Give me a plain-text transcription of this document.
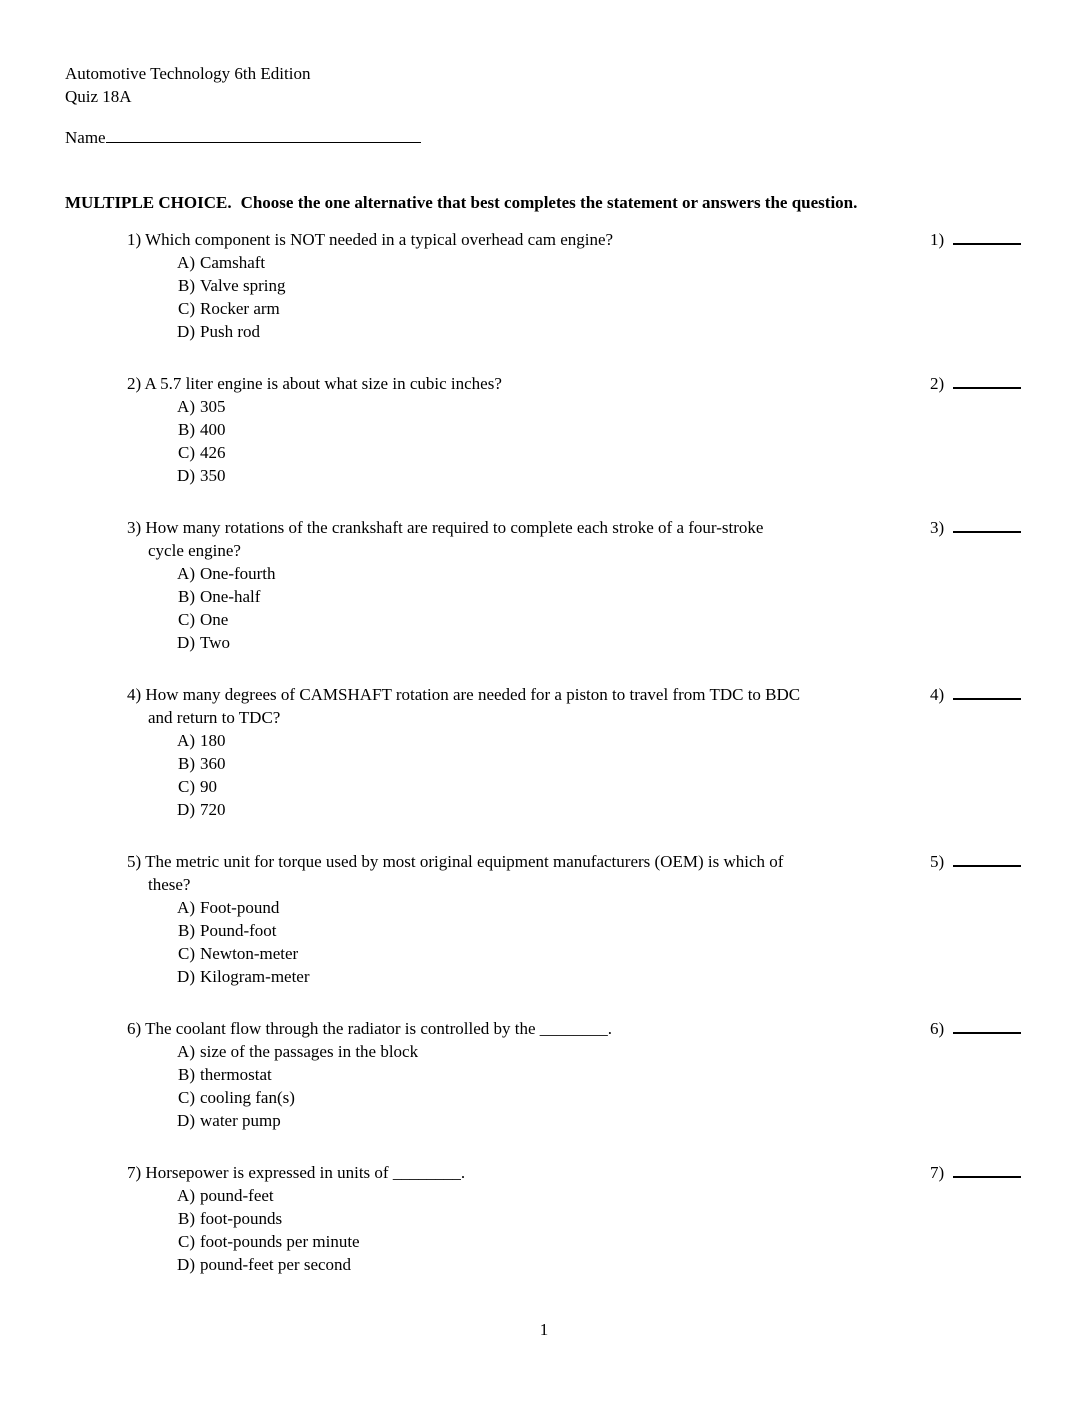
Automotive Technology 6th Edition
Quiz 18A
Name
MULTIPLE CHOICE. Choose the one alternative that best completes the statement or answers the question.
1) Which component is NOT needed in a typical overhead cam engine?
A) Camshaft
B) Valve spring
C) Rocker arm
D) Push rod
1)
2) A 5.7 liter engine is about what size in cubic inches?
A) 305
B) 400
C) 426
D) 350
2)
3) How many rotations of the crankshaft are required to complete each stroke of a four-stroke
cycle engine?
A) One-fourth
B) One-half
C) One
D) Two
3)
4) How many degrees of CAMSHAFT rotation are needed for a piston to travel from TDC to BDC
and return to TDC?
A) 180
B) 360
C) 90
D) 720
4)
5) The metric unit for torque used by most original equipment manufacturers (OEM) is which of
these?
A) Foot-pound
B) Pound-foot
C) Newton-meter
D) Kilogram-meter
5)
6) The coolant flow through the radiator is controlled by the ________.
A) size of the passages in the block
B) thermostat
C) cooling fan(s)
D) water pump
6)
7) Horsepower is expressed in units of ________.
A) pound-feet
B) foot-pounds
C) foot-pounds per minute
D) pound-feet per second
7)
1
